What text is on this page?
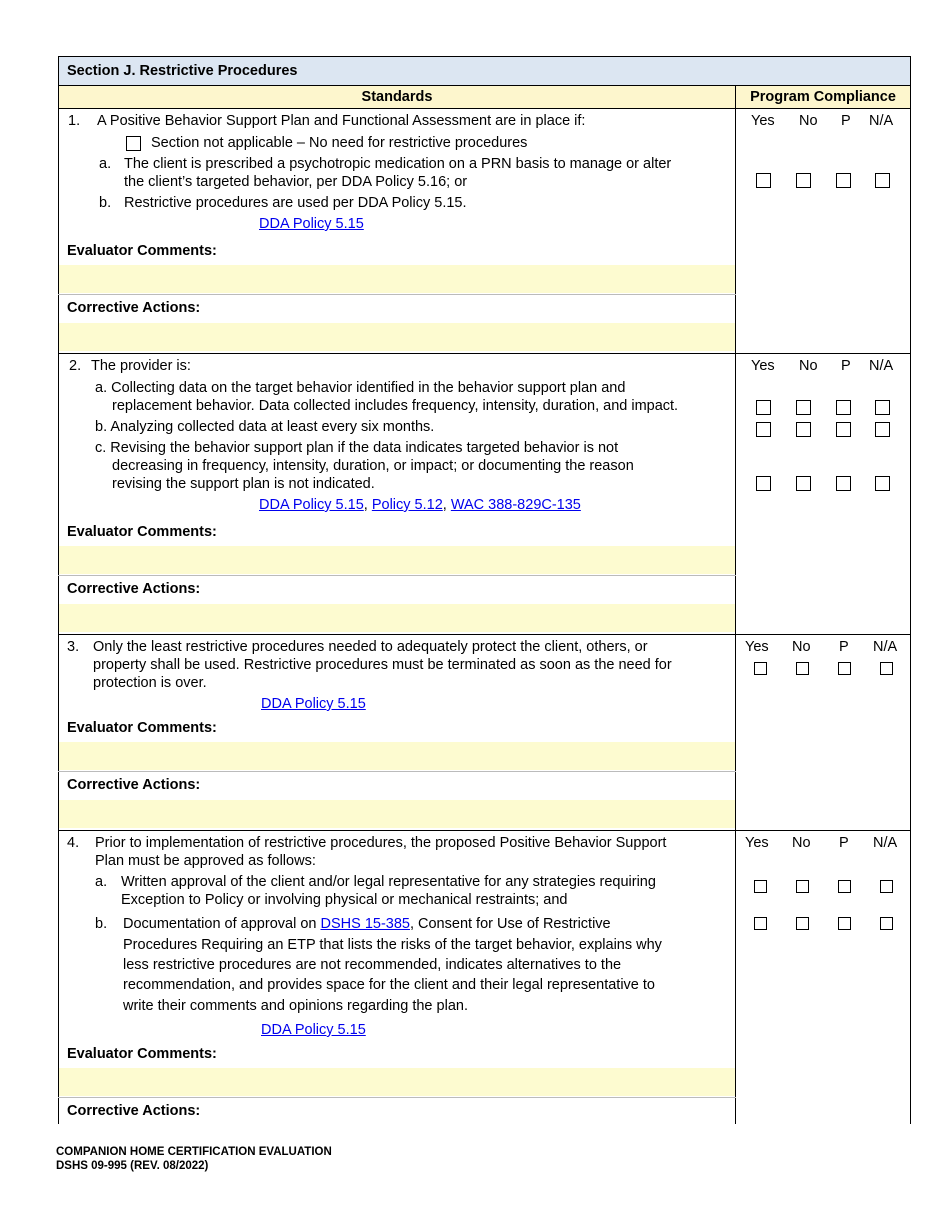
Section J. Restrictive Procedures
Standards	Program Compliance
1. A Positive Behavior Support Plan and Functional Assessment are in place if:
Section not applicable – No need for restrictive procedures
a. The client is prescribed a psychotropic medication on a PRN basis to manage or alter
the client’s targeted behavior, per DDA Policy 5.16; or
b. Restrictive procedures are used per DDA Policy 5.15.
DDA Policy 5.15
Evaluator Comments:
Corrective Actions:
Yes No P N/A
2. The provider is:
a. Collecting data on the target behavior identified in the behavior support plan and
replacement behavior. Data collected includes frequency, intensity, duration, and impact.
b. Analyzing collected data at least every six months.
c. Revising the behavior support plan if the data indicates targeted behavior is not
decreasing in frequency, intensity, duration, or impact; or documenting the reason
revising the support plan is not indicated.
DDA Policy 5.15, Policy 5.12, WAC 388-829C-135
Evaluator Comments:
Corrective Actions:
Yes No P N/A
3. Only the least restrictive procedures needed to adequately protect the client, others, or
property shall be used. Restrictive procedures must be terminated as soon as the need for
protection is over.
DDA Policy 5.15
Evaluator Comments:
Corrective Actions:
Yes No P N/A
4. Prior to implementation of restrictive procedures, the proposed Positive Behavior Support
Plan must be approved as follows:
a. Written approval of the client and/or legal representative for any strategies requiring
Exception to Policy or involving physical or mechanical restraints; and
b. Documentation of approval on DSHS 15-385, Consent for Use of Restrictive
Procedures Requiring an ETP that lists the risks of the target behavior, explains why
less restrictive procedures are not recommended, indicates alternatives to the
recommendation, and provides space for the client and their legal representative to
write their comments and opinions regarding the plan.
DDA Policy 5.15
Evaluator Comments:
Corrective Actions:
Yes No P N/A
COMPANION HOME CERTIFICATION EVALUATION
DSHS 09-995 (REV. 08/2022)
